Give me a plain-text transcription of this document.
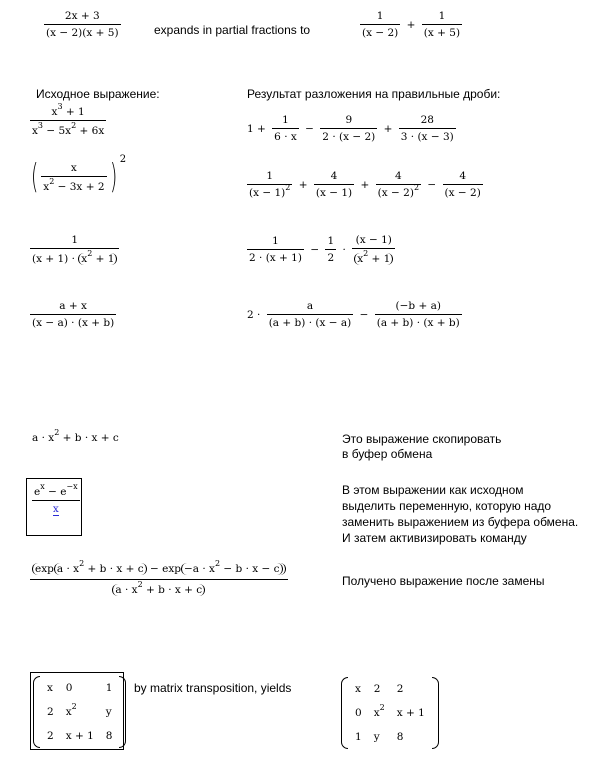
$\frac{2x + 3}{(x - 2)(x + 5)}$	expands in partial fractions to	$\frac{1}{(x - 2)} + \frac{1}{(x + 5)}$
Исходное выражение:	Результат разложения на правильные дроби:
$\frac{x^3 + 1}{x^3 - 5x^2 + 6x}$	$1 + \frac{1}{6 \cdot x} - \frac{9}{2 \cdot (x - 2)} + \frac{28}{3 \cdot (x - 3)}$
( $\frac{x}{x^2 - 3x + 2}$ ) $^2$
$\frac{1}{(x - 1)^2} + \frac{4}{(x - 1)} + \frac{4}{(x - 2)^2} - \frac{4}{(x - 2)}$
$\frac{1}{(x + 1) \cdot x^2 + 1}$	$\frac{1}{2 \cdot (x + 1)} - \frac{1}{2} \cdot \frac{(x - 1)}{x^2 + 1}$
$\frac{a + x}{(x - a) \cdot (x + b)}$	$2 \cdot \frac{a}{(a + b) \cdot (x - a)} - \frac{(-b + a)}{(a + b) \cdot (x + b)}$
$a \cdot x^2 + b \cdot x + c$	Это выражение скопировать
в буфер обмена
$\frac{e^x - e^{-x}}{x}$	В этом выражении как исходном
выделить переменную, которую надо
заменить выражением из буфера обмена.
И затем активизировать команду
$\frac{\exp a \cdot x^2 + b \cdot x + c - \exp -a \cdot x^2 - b \cdot x - c}{a \cdot x^2 + b \cdot x + c}$	Получено выражение после замены
x	0	1
2	$x^2$	y
2	x + 1	8
by matrix transposition, yields	x	2	2
0	$x^2$	x + 1
1	y	8
